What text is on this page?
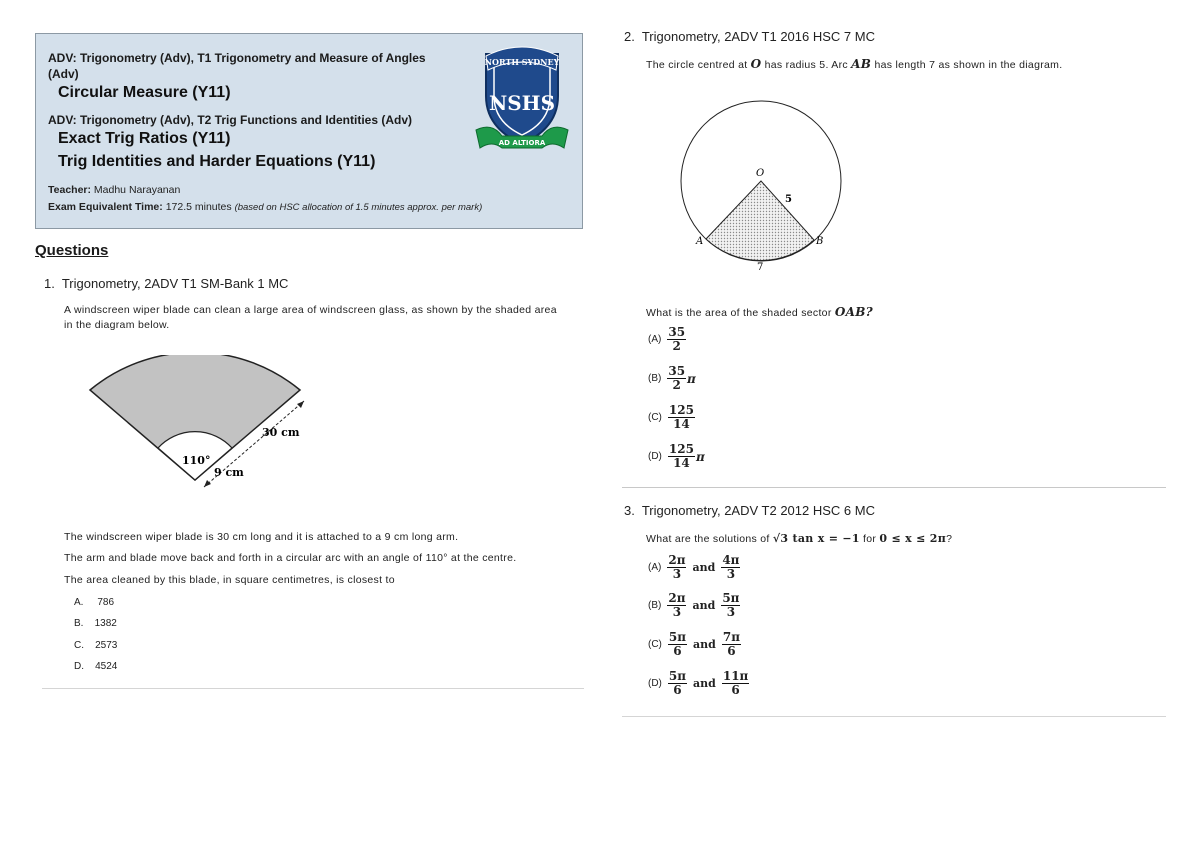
ADV: Trigonometry (Adv), T1 Trigonometry and Measure of Angles
(Adv)
Circular Measure (Y11)
ADV: Trigonometry (Adv), T2 Trig Functions and Identities (Adv)
Exact Trig Ratios (Y11)
Trig Identities and Harder Equations (Y11)
Teacher: Madhu Narayanan
Exam Equivalent Time: 172.5 minutes (based on HSC allocation of 1.5 minutes approx. per mark)
NORTH SYDNEY
NSHS
AD ALTIORA
Questions
1. Trigonometry, 2ADV T1 SM-Bank 1 MC
A windscreen wiper blade can clean a large area of windscreen glass, as shown by the shaded area
in the diagram below.
110°
30 cm
9 cm
The windscreen wiper blade is 30 cm long and it is attached to a 9 cm long arm.
The arm and blade move back and forth in a circular arc with an angle of 110° at the centre.
The area cleaned by this blade, in square centimetres, is closest to
A. 786
B. 1382
C. 2573
D. 4524
2. Trigonometry, 2ADV T1 2016 HSC 7 MC
The circle centred at O has radius 5. Arc AB has length 7 as shown in the diagram.
O
5
A	B
7
What is the area of the shaded sector OAB?
$(A) \frac{35}{2}$
$(B) \frac{35}{2}$ π
$(C) \frac{125}{14}$
$(D) \frac{125}{14}$ π
3. Trigonometry, 2ADV T2 2012 HSC 6 MC
What are the solutions of √3 tan x = −1 for 0 ≤ x ≤ 2π?
$(A) \frac{2\pi}{3}$ and $\frac{4\pi}{3}$
$(B) \frac{2\pi}{3}$ and $\frac{5\pi}{3}$
$(C) \frac{5\pi}{6}$ and $\frac{7\pi}{6}$
$(D) \frac{5\pi}{6}$ and $\frac{11\pi}{6}$
